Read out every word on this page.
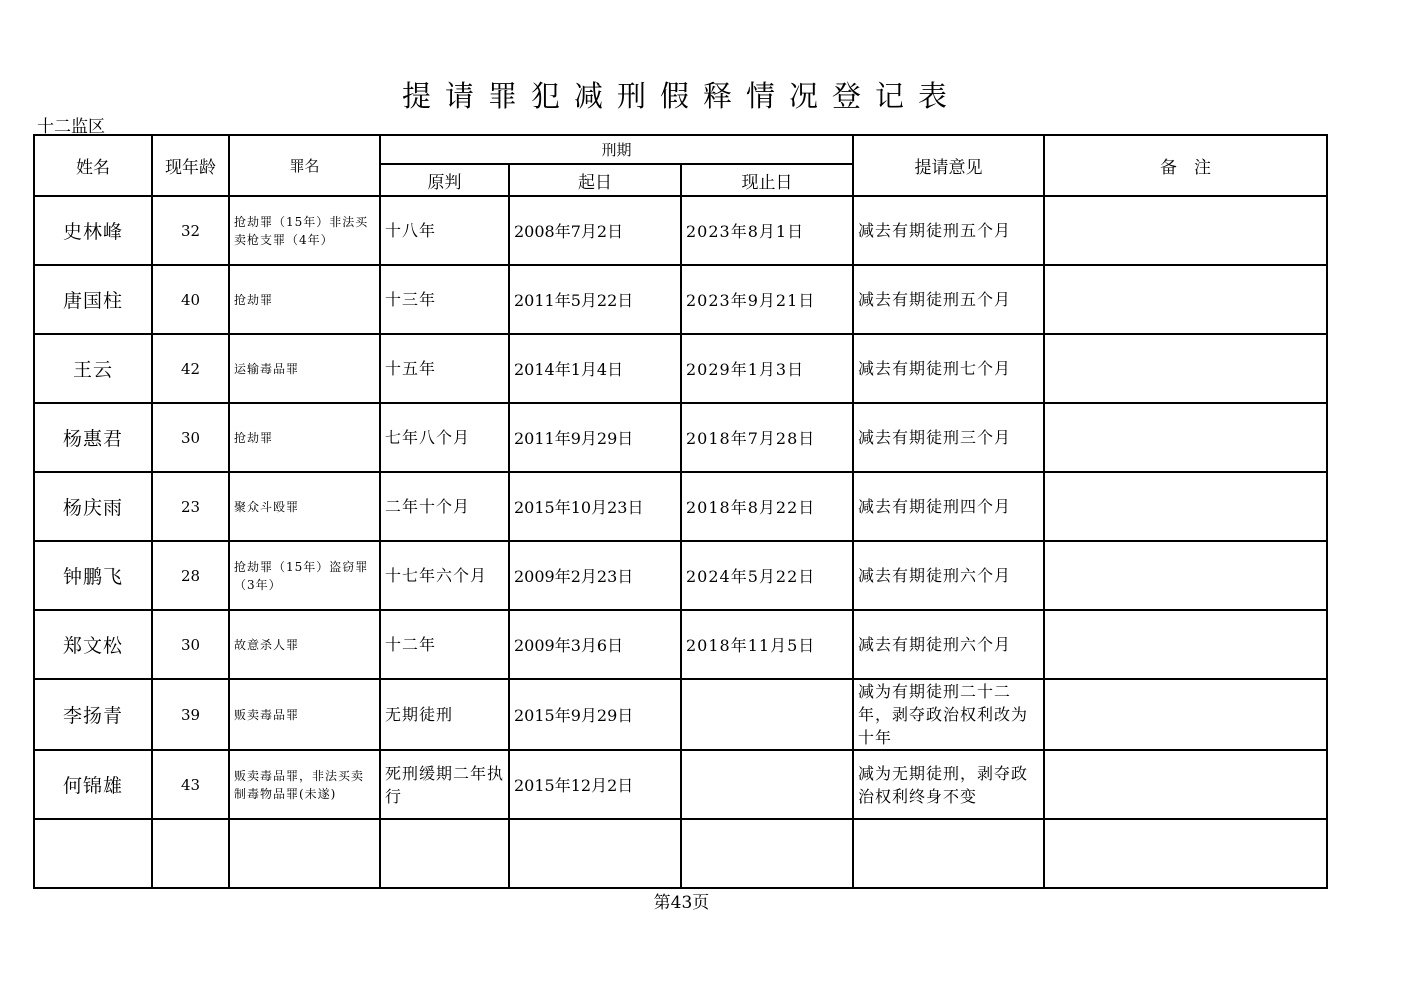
提请罪犯减刑假释情况登记表
十二监区
姓名	现年龄	罪名	刑期			提请意见	备　注
			原判	起日	现止日		
史林峰	32	抢劫罪（15年）非法买卖枪支罪（4年）	十八年	2008年7月2日	2023年8月1日	减去有期徒刑五个月	
唐国柱	40	抢劫罪	十三年	2011年5月22日	2023年9月21日	减去有期徒刑五个月	
王云	42	运输毒品罪	十五年	2014年1月4日	2029年1月3日	减去有期徒刑七个月	
杨惠君	30	抢劫罪	七年八个月	2011年9月29日	2018年7月28日	减去有期徒刑三个月	
杨庆雨	23	聚众斗殴罪	二年十个月	2015年10月23日	2018年8月22日	减去有期徒刑四个月	
钟鹏飞	28	抢劫罪（15年）盗窃罪（3年）	十七年六个月	2009年2月23日	2024年5月22日	减去有期徒刑六个月	
郑文松	30	故意杀人罪	十二年	2009年3月6日	2018年11月5日	减去有期徒刑六个月	
李扬青	39	贩卖毒品罪	无期徒刑	2015年9月29日		减为有期徒刑二十二年，剥夺政治权利改为十年	
何锦雄	43	贩卖毒品罪，非法买卖制毒物品罪(未遂)	死刑缓期二年执行	2015年12月2日		减为无期徒刑，剥夺政治权利终身不变	

第43页
